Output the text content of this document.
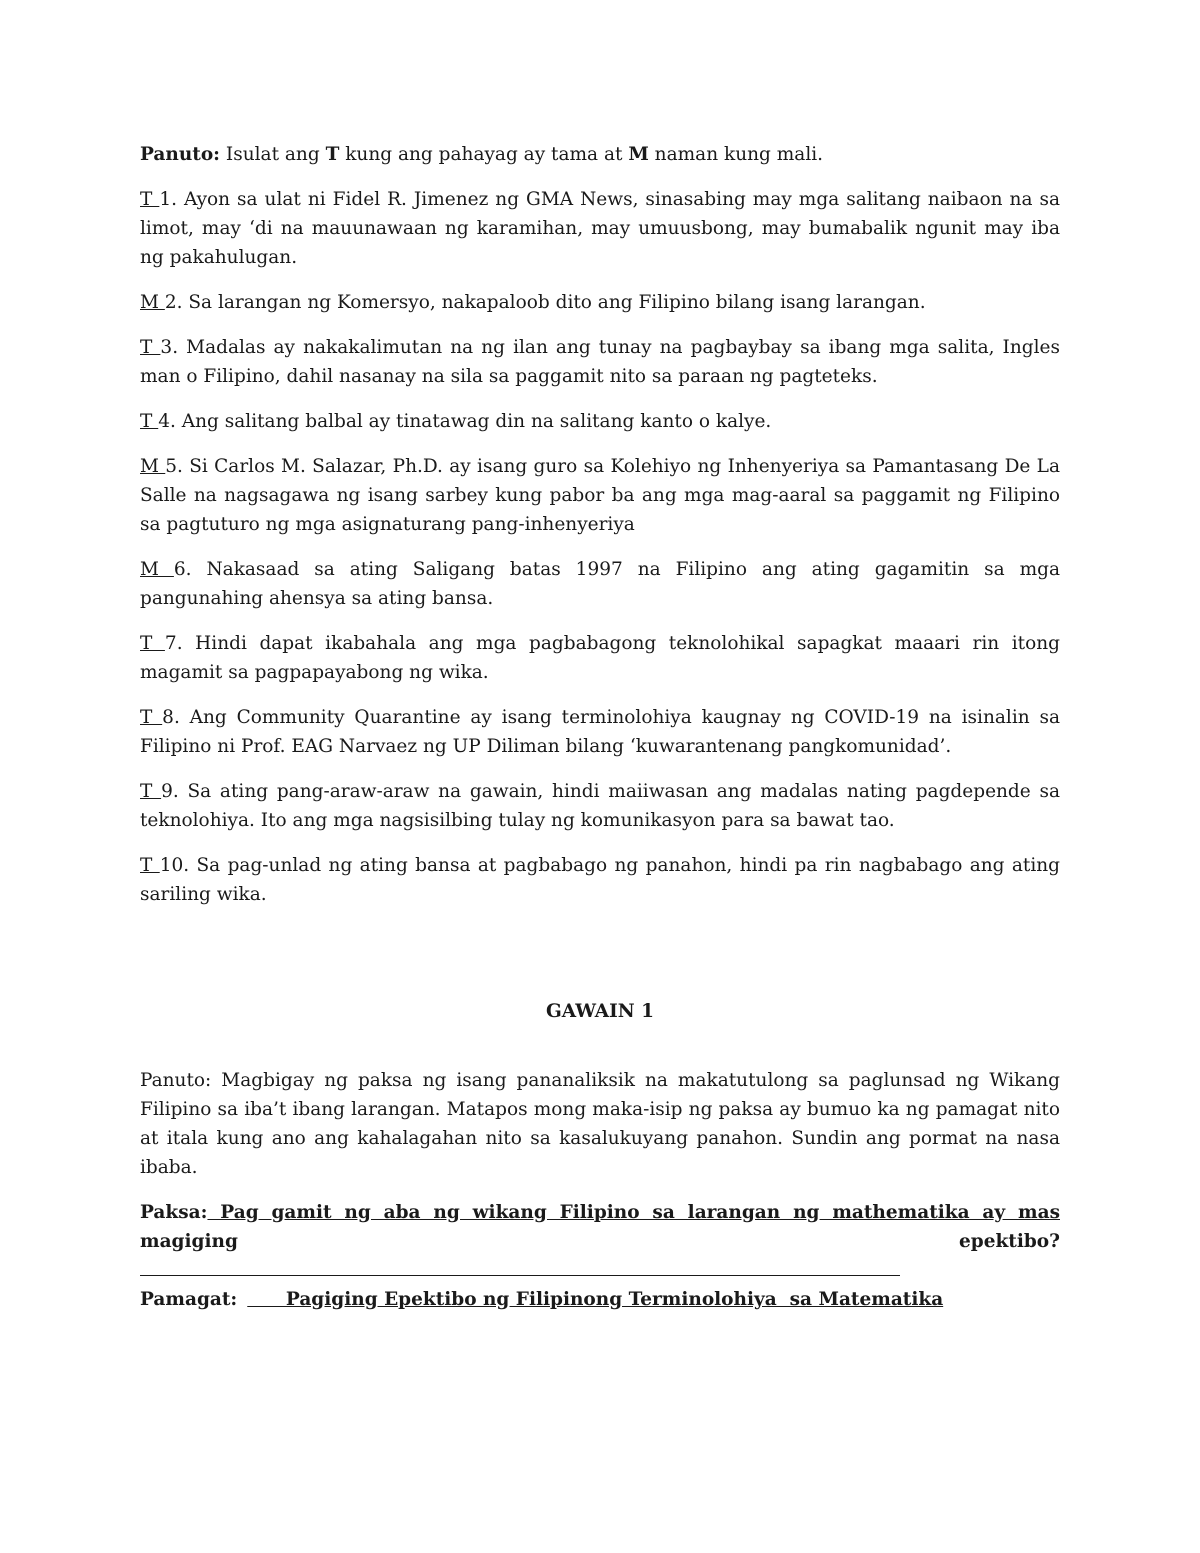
Panuto: Isulat ang T kung ang pahayag ay tama at M naman kung mali.

T 1. Ayon sa ulat ni Fidel R. Jimenez ng GMA News, sinasabing may mga salitang naibaon na sa limot, may ‘di na mauunawaan ng karamihan, may umuusbong, may bumabalik ngunit may iba ng pakahulugan.

M 2. Sa larangan ng Komersyo, nakapaloob dito ang Filipino bilang isang larangan.

T 3. Madalas ay nakakalimutan na ng ilan ang tunay na pagbaybay sa ibang mga salita, Ingles man o Filipino, dahil nasanay na sila sa paggamit nito sa paraan ng pagteteks.

T 4. Ang salitang balbal ay tinatawag din na salitang kanto o kalye.

M 5. Si Carlos M. Salazar, Ph.D. ay isang guro sa Kolehiyo ng Inhenyeriya sa Pamantasang De La Salle na nagsagawa ng isang sarbey kung pabor ba ang mga mag-aaral sa paggamit ng Filipino sa pagtuturo ng mga asignaturang pang-inhenyeriya

M 6. Nakasaad sa ating Saligang batas 1997 na Filipino ang ating gagamitin sa mga pangunahing ahensya sa ating bansa.

T 7. Hindi dapat ikabahala ang mga pagbabagong teknolohikal sapagkat maaari rin itong magamit sa pagpapayabong ng wika.

T 8. Ang Community Quarantine ay isang terminolohiya kaugnay ng COVID-19 na isinalin sa Filipino ni Prof. EAG Narvaez ng UP Diliman bilang ‘kuwarantenang pangkomunidad’.

T 9. Sa ating pang-araw-araw na gawain, hindi maiiwasan ang madalas nating pagdepende sa teknolohiya. Ito ang mga nagsisilbing tulay ng komunikasyon para sa bawat tao.

T 10. Sa pag-unlad ng ating bansa at pagbabago ng panahon, hindi pa rin nagbabago ang ating sariling wika.

GAWAIN 1

Panuto: Magbigay ng paksa ng isang pananaliksik na makatutulong sa paglunsad ng Wikang Filipino sa iba’t ibang larangan. Matapos mong maka-isip ng paksa ay bumuo ka ng pamagat nito at itala kung ano ang kahalagahan nito sa kasalukuyang panahon. Sundin ang pormat na nasa ibaba.

Paksa: Pag gamit ng aba ng wikang Filipino sa larangan ng mathematika ay mas magiging epektibo?

Pamagat: Pagiging Epektibo ng Filipinong Terminolohiya  sa Matematika
